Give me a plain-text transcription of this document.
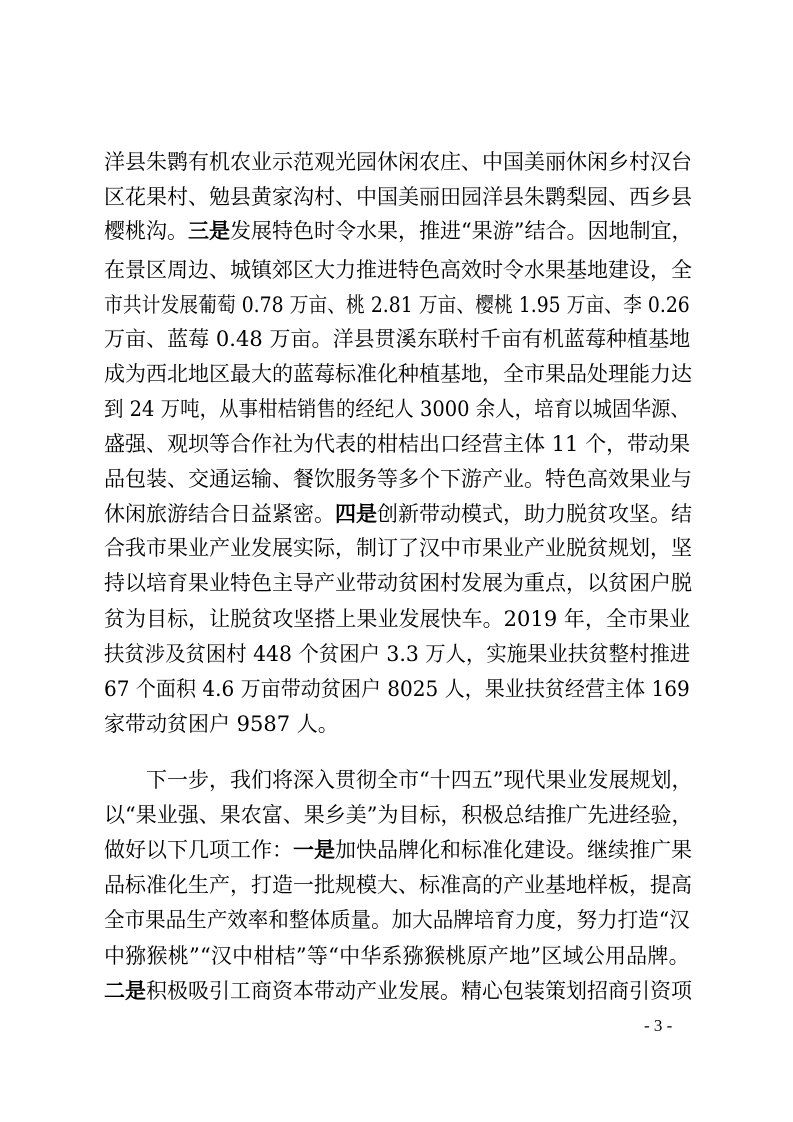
洋县朱鹮有机农业示范观光园休闲农庄、中国美丽休闲乡村汉台
区花果村、勉县黄家沟村、中国美丽田园洋县朱鹮梨园、西乡县
樱桃沟。三是发展特色时令水果，推进“果游”结合。因地制宜，
在景区周边、城镇郊区大力推进特色高效时令水果基地建设，全
市共计发展葡萄 0.78 万亩、桃 2.81 万亩、樱桃 1.95 万亩、李 0.26
万亩、蓝莓 0.48 万亩。洋县贯溪东联村千亩有机蓝莓种植基地
成为西北地区最大的蓝莓标准化种植基地，全市果品处理能力达
到 24 万吨，从事柑桔销售的经纪人 3000 余人，培育以城固华源、
盛强、观坝等合作社为代表的柑桔出口经营主体 11 个，带动果
品包装、交通运输、餐饮服务等多个下游产业。特色高效果业与
休闲旅游结合日益紧密。四是创新带动模式，助力脱贫攻坚。结
合我市果业产业发展实际，制订了汉中市果业产业脱贫规划，坚
持以培育果业特色主导产业带动贫困村发展为重点，以贫困户脱
贫为目标，让脱贫攻坚搭上果业发展快车。2019 年，全市果业
扶贫涉及贫困村 448 个贫困户 3.3 万人，实施果业扶贫整村推进
67 个面积 4.6 万亩带动贫困户 8025 人，果业扶贫经营主体 169
家带动贫困户 9587 人。
下一步，我们将深入贯彻全市“十四五”现代果业发展规划，
以“果业强、果农富、果乡美”为目标，积极总结推广先进经验，
做好以下几项工作：一是加快品牌化和标准化建设。继续推广果
品标准化生产，打造一批规模大、标准高的产业基地样板，提高
全市果品生产效率和整体质量。加大品牌培育力度，努力打造“汉
中猕猴桃”“汉中柑桔”等“中华系猕猴桃原产地”区域公用品牌。
二是积极吸引工商资本带动产业发展。精心包装策划招商引资项
- 3 -
